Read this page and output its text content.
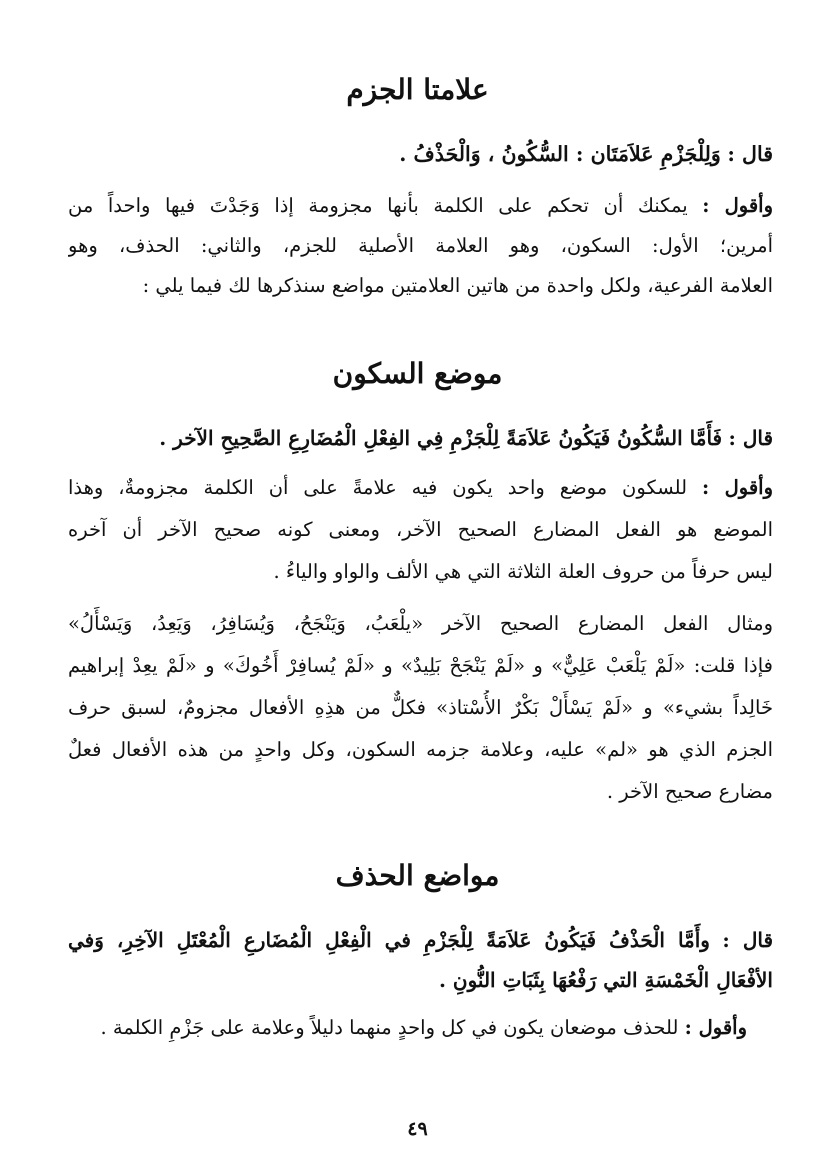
علامتا الجزم
قال : وَلِلْجَزْمِ عَلاَمَتَان : السُّكُونُ ، وَالْحَذْفُ .
وأقول : يمكنك أن تحكم على الكلمة بأنها مجزومة إذا وَجَدْتَ فيها واحداً من
أمرين؛ الأول: السكون، وهو العلامة الأصلية للجزم، والثاني: الحذف، وهو
العلامة الفرعية، ولكل واحدة من هاتين العلامتين مواضع سنذكرها لك فيما يلي :
موضع السكون
قال : فَأَمَّا السُّكُونُ فَيَكُونُ عَلاَمَةً لِلْجَزْمِ فِي الفِعْلِ الْمُضَارِعِ الصَّحِيحِ الآخر .
وأقول : للسكون موضع واحد يكون فيه علامةً على أن الكلمة مجزومةٌ، وهذا
الموضع هو الفعل المضارع الصحيح الآخر، ومعنى كونه صحيح الآخر أن آخره
ليس حرفاً من حروف العلة الثلاثة التي هي الألف والواو والياءُ .
ومثال الفعل المضارع الصحيح الآخر «يلْعَبُ، وَيَنْجَحُ، وَيُسَافِرُ، وَيَعِدُ، وَيَسْأَلُ»
فإذا قلت: «لَمْ يَلْعَبْ عَلِيٌّ» و «لَمْ يَنْجَحْ بَلِيدٌ» و «لَمْ يُسافِرْ أَخُوكَ» و «لَمْ يعِدْ إبراهيم
خَالِداً بشيء» و «لَمْ يَسْأَلْ بَكْرٌ الأُسْتاذ» فكلٌّ من هذِهِ الأفعال مجزومٌ، لسبق حرف
الجزم الذي هو «لم» عليه، وعلامة جزمه السكون، وكل واحدٍ من هذه الأفعال فعلٌ
مضارع صحيح الآخر .
مواضع الحذف
قال : وأَمَّا الْحَذْفُ فَيَكُونُ عَلاَمَةً لِلْجَزْمِ في الْفِعْلِ الْمُضَارعِ الْمُعْتَلِ الآخِرِ، وَفي
الأفْعَالِ الْخَمْسَةِ التي رَفْعُهَا بِثَبَاتِ النُّونِ .
وأقول : للحذف موضعان يكون في كل واحدٍ منهما دليلاً وعلامة على جَزْمِ الكلمة .
٤٩
